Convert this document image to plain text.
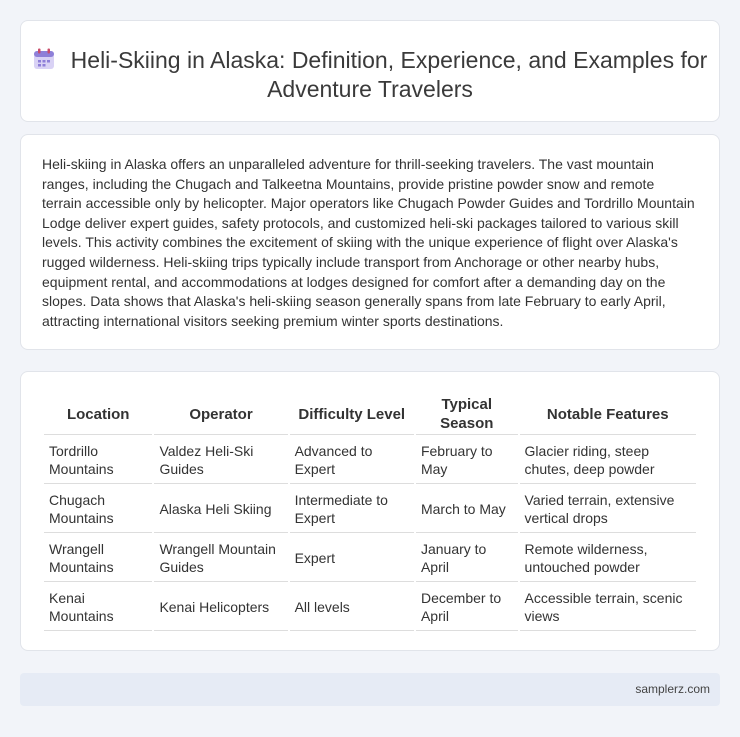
Heli-Skiing in Alaska: Definition, Experience, and Examples for Adventure Travelers

Heli-skiing in Alaska offers an unparalleled adventure for thrill-seeking travelers. The vast mountain ranges, including the Chugach and Talkeetna Mountains, provide pristine powder snow and remote terrain accessible only by helicopter. Major operators like Chugach Powder Guides and Tordrillo Mountain Lodge deliver expert guides, safety protocols, and customized heli-ski packages tailored to various skill levels. This activity combines the excitement of skiing with the unique experience of flight over Alaska's rugged wilderness. Heli-skiing trips typically include transport from Anchorage or other nearby hubs, equipment rental, and accommodations at lodges designed for comfort after a demanding day on the slopes. Data shows that Alaska's heli-skiing season generally spans from late February to early April, attracting international visitors seeking premium winter sports destinations.

Location	Operator	Difficulty Level	Typical Season	Notable Features
Tordrillo Mountains	Valdez Heli-Ski Guides	Advanced to Expert	February to May	Glacier riding, steep chutes, deep powder
Chugach Mountains	Alaska Heli Skiing	Intermediate to Expert	March to May	Varied terrain, extensive vertical drops
Wrangell Mountains	Wrangell Mountain Guides	Expert	January to April	Remote wilderness, untouched powder
Kenai Mountains	Kenai Helicopters	All levels	December to April	Accessible terrain, scenic views
samplerz.com
